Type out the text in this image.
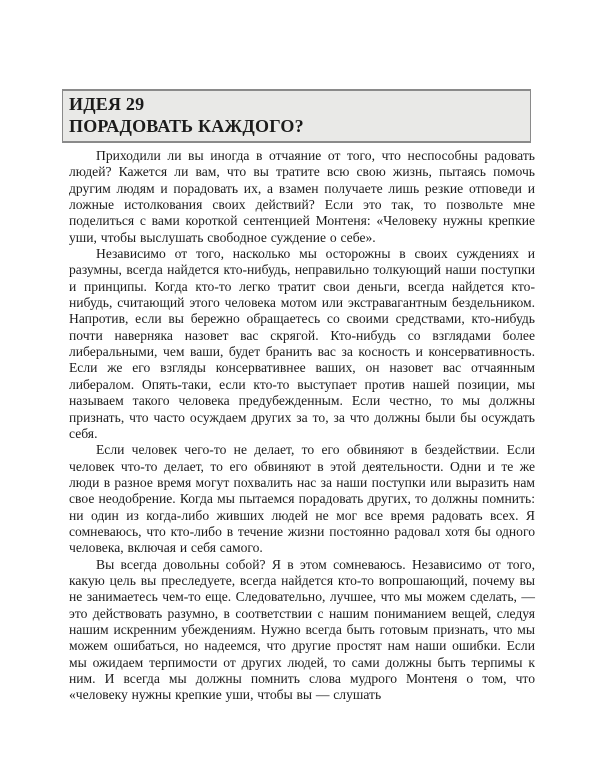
ИДЕЯ 29
ПОРАДОВАТЬ КАЖДОГО?

Приходили ли вы иногда в отчаяние от того, что неспособны радовать людей? Кажется ли вам, что вы тратите всю свою жизнь, пытаясь помочь другим людям и порадовать их, а взамен получаете лишь резкие отповеди и ложные истолкования своих действий? Если это так, то позвольте мне поделиться с вами короткой сентенцией Монтеня: «Человеку нужны крепкие уши, чтобы выслушать свободное суждение о себе».

Независимо от того, насколько мы осторожны в своих суждениях и разумны, всегда найдется кто-нибудь, неправильно толкующий наши поступки и принципы. Когда кто-то легко тратит свои деньги, всегда найдется кто-нибудь, считающий этого человека мотом или экстравагантным бездельником. Напротив, если вы бережно обращаетесь со своими средствами, кто-нибудь почти наверняка назовет вас скрягой. Кто-нибудь со взглядами более либеральными, чем ваши, будет бранить вас за косность и консервативность. Если же его взгляды консервативнее ваших, он назовет вас отчаянным либералом. Опять-таки, если кто-то выступает против нашей позиции, мы называем такого человека предубежденным. Если честно, то мы должны признать, что часто осуждаем других за то, за что должны были бы осуждать себя.

Если человек чего-то не делает, то его обвиняют в бездействии. Если человек что-то делает, то его обвиняют в этой деятельности. Одни и те же люди в разное время могут похвалить нас за наши поступки или выразить нам свое неодобрение. Когда мы пытаемся порадовать других, то должны помнить: ни один из когда-либо живших людей не мог все время радовать всех. Я сомневаюсь, что кто-либо в течение жизни постоянно радовал хотя бы одного человека, включая и себя самого.

Вы всегда довольны собой? Я в этом сомневаюсь. Независимо от того, какую цель вы преследуете, всегда найдется кто-то вопрошающий, почему вы не занимаетесь чем-то еще. Следовательно, лучшее, что мы можем сделать, — это действовать разумно, в соответствии с нашим пониманием вещей, следуя нашим искренним убеждениям. Нужно всегда быть готовым признать, что мы можем ошибаться, но надеемся, что другие простят нам наши ошибки. Если мы ожидаем терпимости от других людей, то сами должны быть терпимы к ним. И всегда мы должны помнить слова мудрого Монтеня о том, что «человеку нужны крепкие уши, чтобы вы — слушать
